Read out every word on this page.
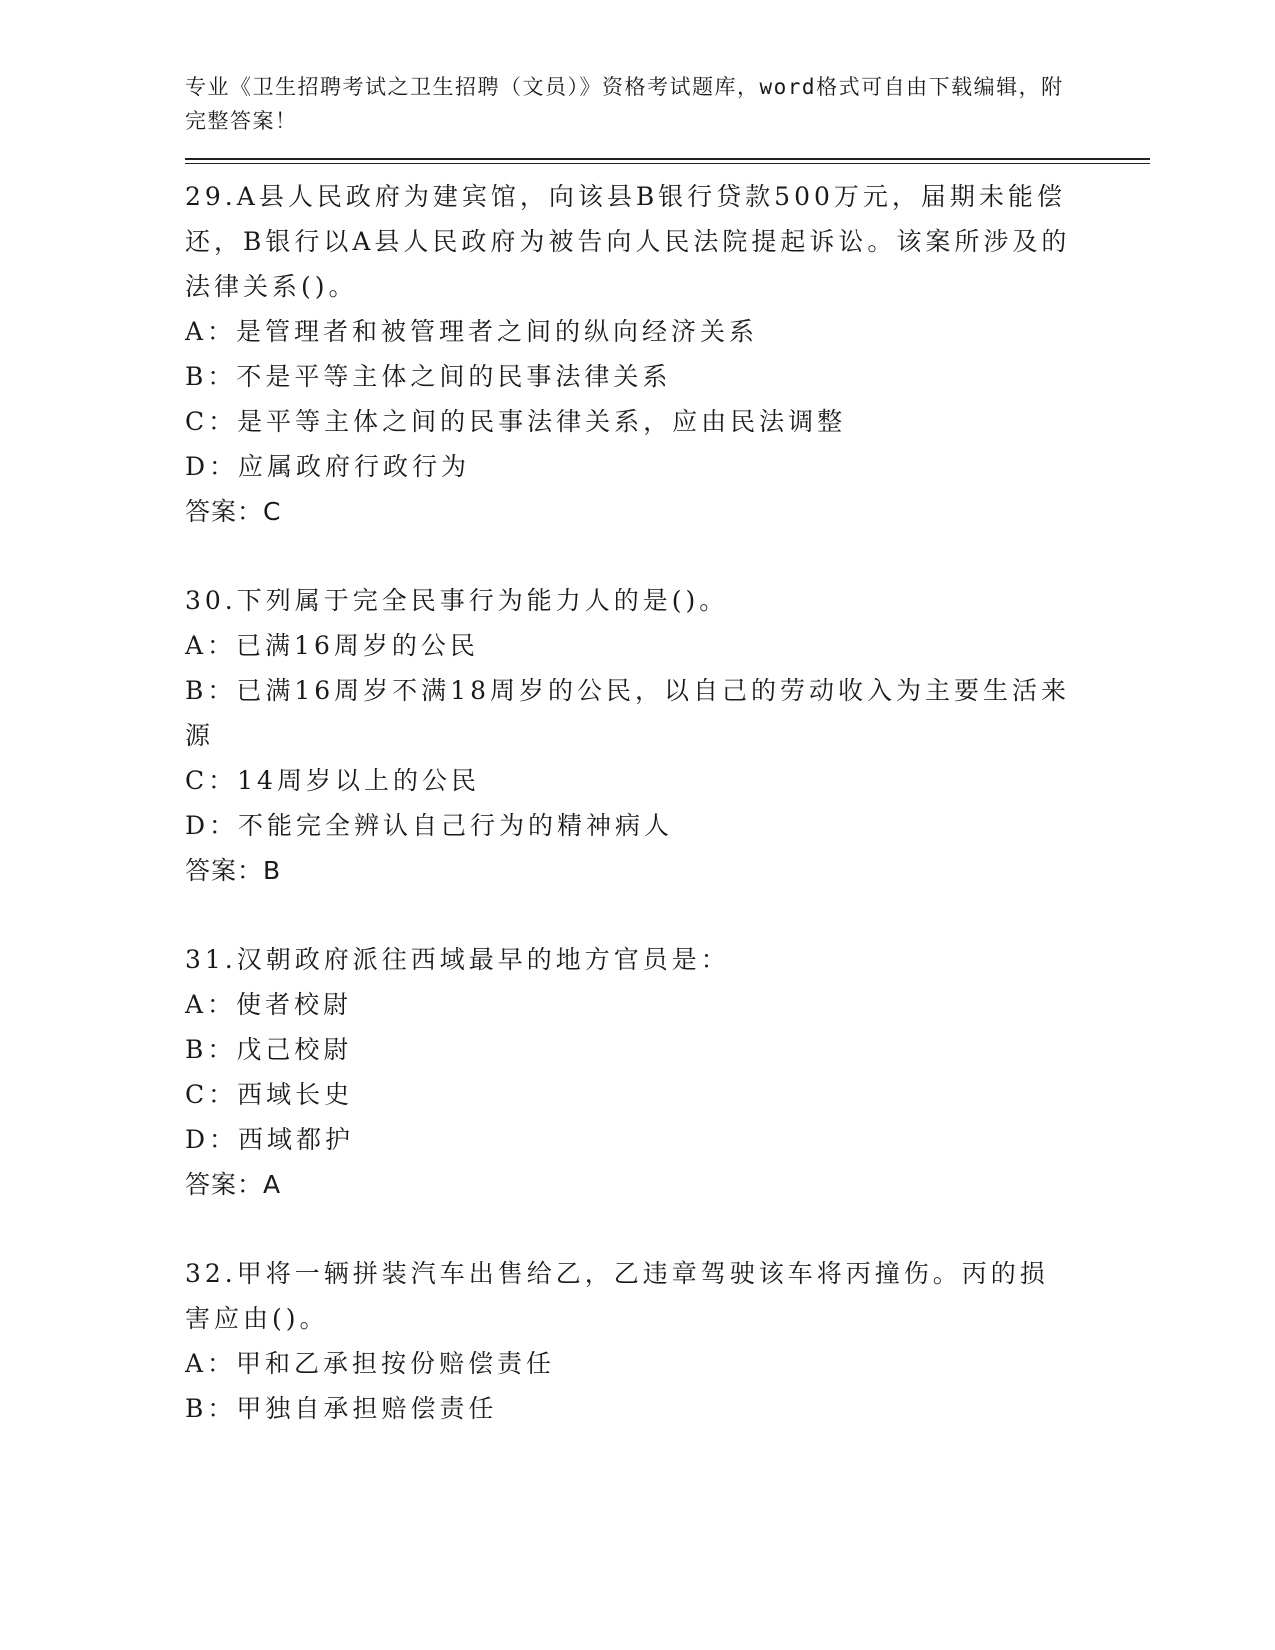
专业《卫生招聘考试之卫生招聘（文员）》资格考试题库，word格式可自由下载编辑，附完整答案！
29.A县人民政府为建宾馆，向该县B银行贷款500万元，届期未能偿还，B银行以A县人民政府为被告向人民法院提起诉讼。该案所涉及的法律关系()。
A：是管理者和被管理者之间的纵向经济关系
B：不是平等主体之间的民事法律关系
C：是平等主体之间的民事法律关系，应由民法调整
D：应属政府行政行为
答案：C
30.下列属于完全民事行为能力人的是()。
A：已满16周岁的公民
B：已满16周岁不满18周岁的公民，以自己的劳动收入为主要生活来源
C：14周岁以上的公民
D：不能完全辨认自己行为的精神病人
答案：B
31.汉朝政府派往西域最早的地方官员是：
A：使者校尉
B：戊己校尉
C：西域长史
D：西域都护
答案：A
32.甲将一辆拼装汽车出售给乙，乙违章驾驶该车将丙撞伤。丙的损害应由()。
A：甲和乙承担按份赔偿责任
B：甲独自承担赔偿责任
